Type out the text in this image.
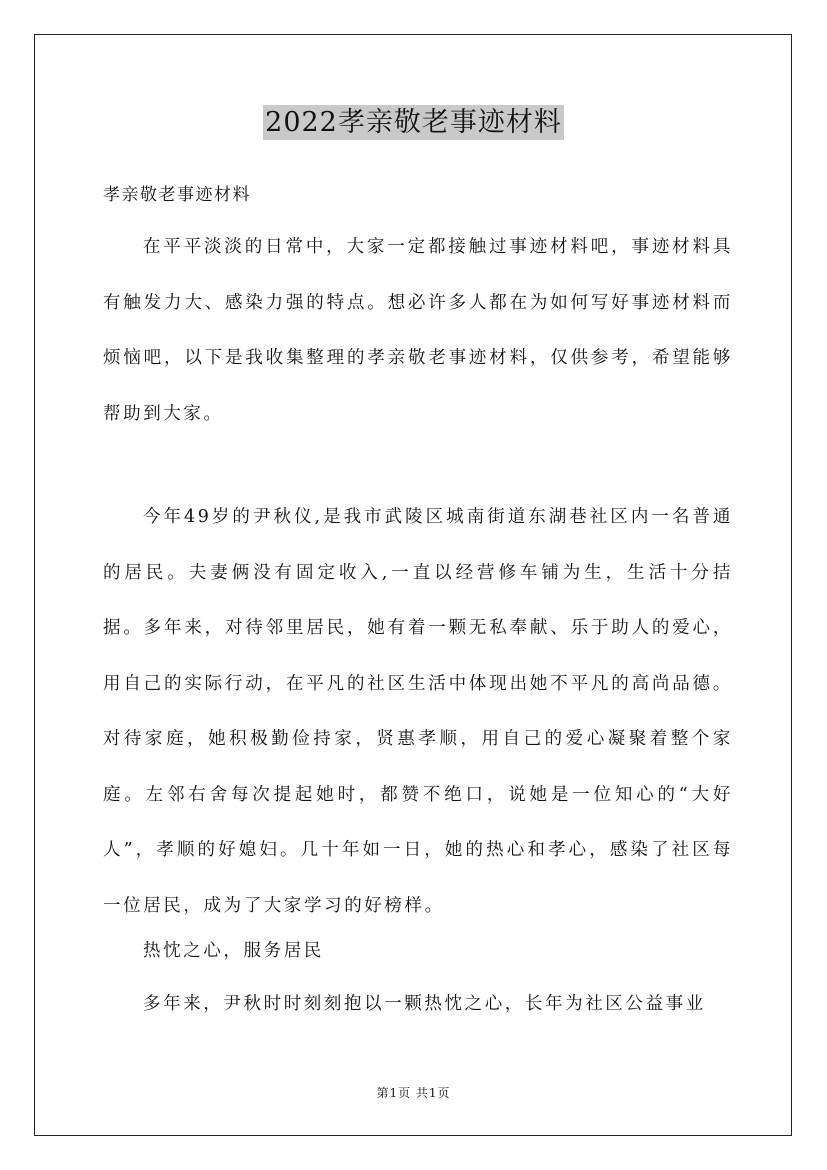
2022孝亲敬老事迹材料
孝亲敬老事迹材料

在平平淡淡的日常中，大家一定都接触过事迹材料吧，事迹材料具有触发力大、感染力强的特点。想必许多人都在为如何写好事迹材料而烦恼吧，以下是我收集整理的孝亲敬老事迹材料，仅供参考，希望能够帮助到大家。

今年49岁的尹秋仪,是我市武陵区城南街道东湖巷社区内一名普通的居民。夫妻俩没有固定收入,一直以经营修车铺为生，生活十分拮据。多年来，对待邻里居民，她有着一颗无私奉献、乐于助人的爱心，用自己的实际行动，在平凡的社区生活中体现出她不平凡的高尚品德。对待家庭，她积极勤俭持家，贤惠孝顺，用自己的爱心凝聚着整个家庭。左邻右舍每次提起她时，都赞不绝口，说她是一位知心的“大好人”，孝顺的好媳妇。几十年如一日，她的热心和孝心，感染了社区每一位居民，成为了大家学习的好榜样。

热忱之心，服务居民

多年来，尹秋时时刻刻抱以一颗热忱之心，长年为社区公益事业

第1页 共1页
